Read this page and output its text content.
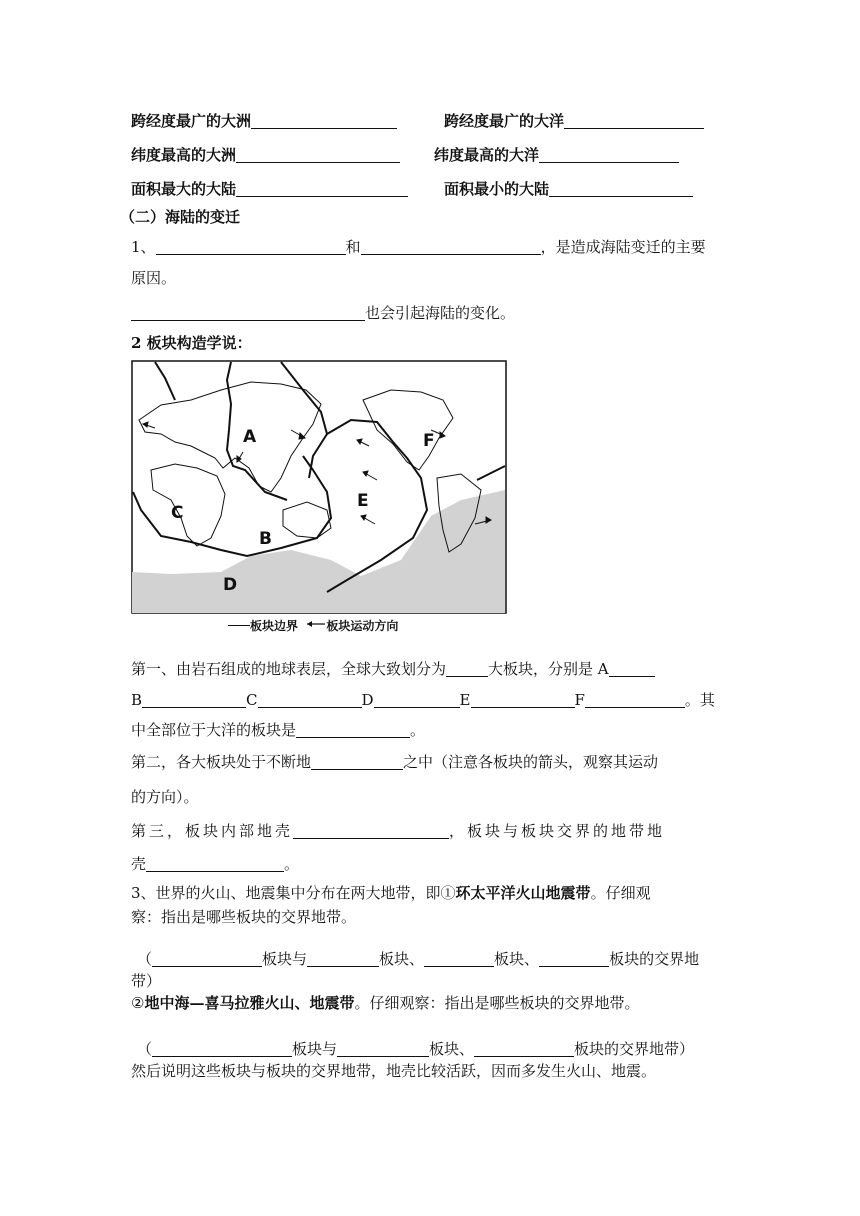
跨经度最广的大洲	跨经度最广的大洋
纬度最高的大洲	纬度最高的大洋
面积最大的大陆	面积最小的大陆
（二）海陆的变迁
1、	和	，是造成海陆变迁的主要
原因。
也会引起海陆的变化。
2 板块构造学说：
A
B
C
D
E
F
板块边界 板块运动方向
第一、由岩石组成的地球表层，全球大致划分为	大板块，分别是 A
B	C	D	E	F	。其
中全部位于大洋的板块是	。
第二，各大板块处于不断地	之中（注意各板块的箭头，观察其运动
的方向）。
第三，板块内部地壳	，板块与板块交界的地带地
壳	。
3、世界的火山、地震集中分布在两大地带，即①环太平洋火山地震带。仔细观
察：指出是哪些板块的交界地带。
（	板块与	板块、	板块、	板块的交界地
带）
②地中海—喜马拉雅火山、地震带。仔细观察：指出是哪些板块的交界地带。
（	板块与	板块、	板块的交界地带）
然后说明这些板块与板块的交界地带，地壳比较活跃，因而多发生火山、地震。
